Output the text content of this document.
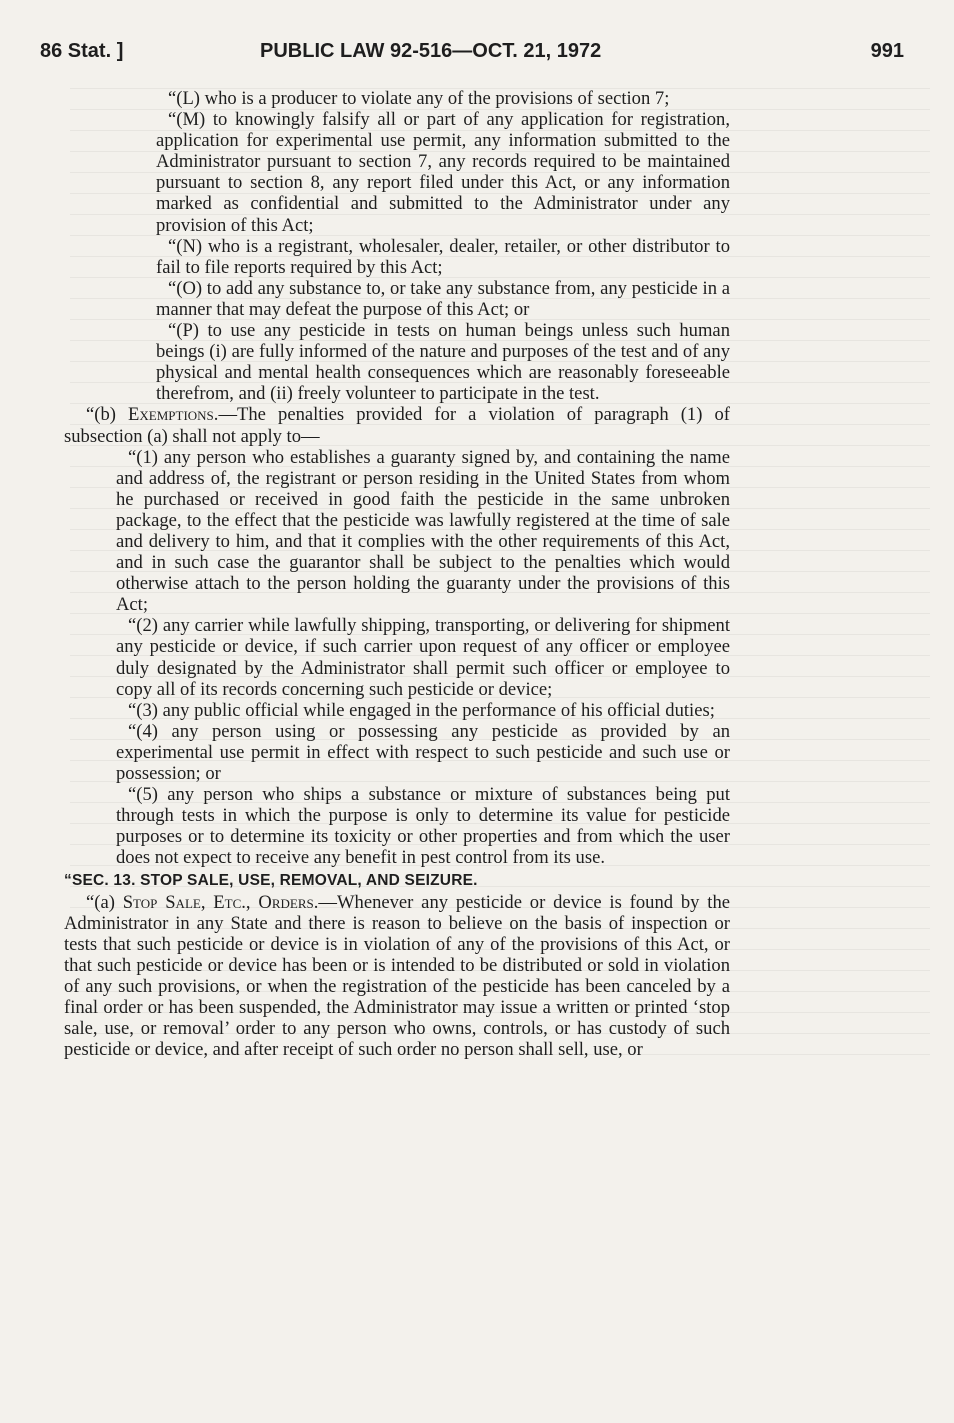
86 Stat. ]	PUBLIC LAW 92-516—OCT. 21, 1972	991

“(L) who is a producer to violate any of the provisions of section 7;

“(M) to knowingly falsify all or part of any application for registration, application for experimental use permit, any information submitted to the Administrator pursuant to section 7, any records required to be maintained pursuant to section 8, any report filed under this Act, or any information marked as confidential and submitted to the Administrator under any provision of this Act;

“(N) who is a registrant, wholesaler, dealer, retailer, or other distributor to fail to file reports required by this Act;

“(O) to add any substance to, or take any substance from, any pesticide in a manner that may defeat the purpose of this Act; or

“(P) to use any pesticide in tests on human beings unless such human beings (i) are fully informed of the nature and purposes of the test and of any physical and mental health consequences which are reasonably foreseeable therefrom, and (ii) freely volunteer to participate in the test.

“(b) Exemptions.—The penalties provided for a violation of paragraph (1) of subsection (a) shall not apply to—

“(1) any person who establishes a guaranty signed by, and containing the name and address of, the registrant or person residing in the United States from whom he purchased or received in good faith the pesticide in the same unbroken package, to the effect that the pesticide was lawfully registered at the time of sale and delivery to him, and that it complies with the other requirements of this Act, and in such case the guarantor shall be subject to the penalties which would otherwise attach to the person holding the guaranty under the provisions of this Act;

“(2) any carrier while lawfully shipping, transporting, or delivering for shipment any pesticide or device, if such carrier upon request of any officer or employee duly designated by the Administrator shall permit such officer or employee to copy all of its records concerning such pesticide or device;

“(3) any public official while engaged in the performance of his official duties;

“(4) any person using or possessing any pesticide as provided by an experimental use permit in effect with respect to such pesticide and such use or possession; or

“(5) any person who ships a substance or mixture of substances being put through tests in which the purpose is only to determine its value for pesticide purposes or to determine its toxicity or other properties and from which the user does not expect to receive any benefit in pest control from its use.

“SEC. 13. STOP SALE, USE, REMOVAL, AND SEIZURE.

“(a) Stop Sale, Etc., Orders.—Whenever any pesticide or device is found by the Administrator in any State and there is reason to believe on the basis of inspection or tests that such pesticide or device is in violation of any of the provisions of this Act, or that such pesticide or device has been or is intended to be distributed or sold in violation of any such provisions, or when the registration of the pesticide has been canceled by a final order or has been suspended, the Administrator may issue a written or printed ‘stop sale, use, or removal’ order to any person who owns, controls, or has custody of such pesticide or device, and after receipt of such order no person shall sell, use, or
